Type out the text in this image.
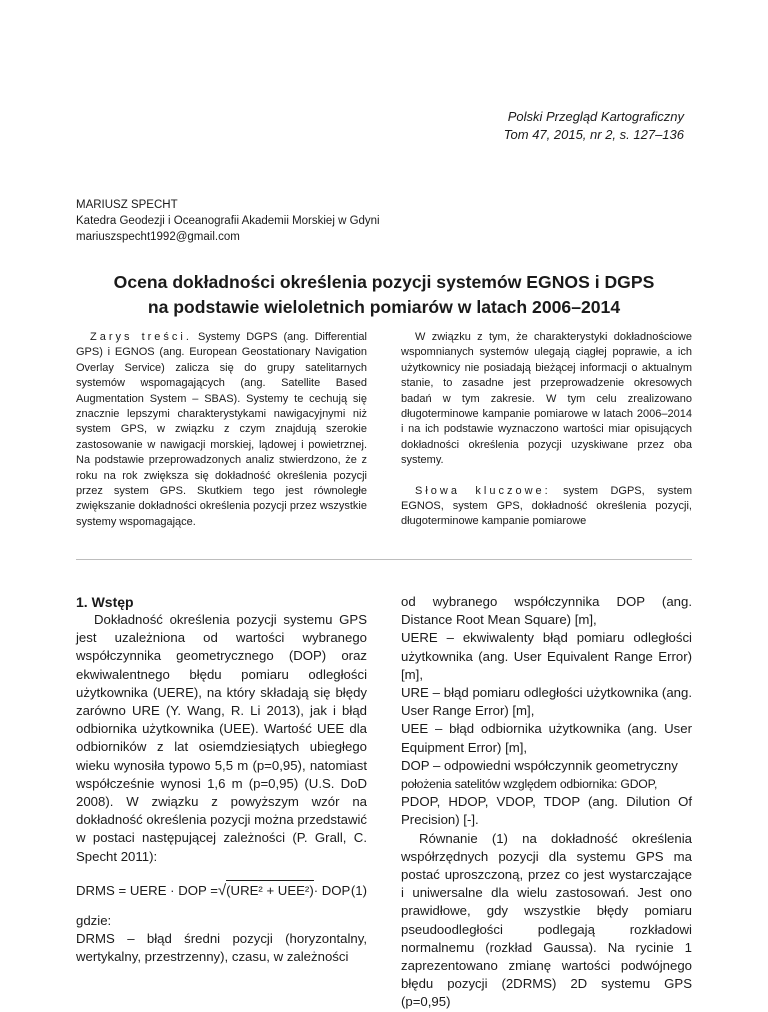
Polski Przegląd Kartograficzny
Tom 47, 2015, nr 2, s. 127–136
MARIUSZ SPECHT
Katedra Geodezji i Oceanografii Akademii Morskiej w Gdyni
mariuszspecht1992@gmail.com
Ocena dokładności określenia pozycji systemów EGNOS i DGPS
na podstawie wieloletnich pomiarów w latach 2006–2014

Zarys treści. Systemy DGPS (ang. Differential GPS) i EGNOS (ang. European Geostationary Navigation Overlay Service) zalicza się do grupy satelitarnych systemów wspomagających (ang. Satellite Based Augmentation System – SBAS). Systemy te cechują się znacznie lepszymi charakterystykami nawigacyjnymi niż system GPS, w związku z czym znajdują szerokie zastosowanie w nawigacji morskiej, lądowej i powietrznej. Na podstawie przeprowadzonych analiz stwierdzono, że z roku na rok zwiększa się dokładność określenia pozycji przez system GPS. Skutkiem tego jest równoległe zwiększanie dokładności określenia pozycji przez wszystkie systemy wspomagające.

W związku z tym, że charakterystyki dokładnościowe wspomnianych systemów ulegają ciągłej poprawie, a ich użytkownicy nie posiadają bieżącej informacji o aktualnym stanie, to zasadne jest przeprowadzenie okresowych badań w tym zakresie. W tym celu zrealizowano długoterminowe kampanie pomiarowe w latach 2006–2014 i na ich podstawie wyznaczono wartości miar opisujących dokładności określenia pozycji uzyskiwane przez oba systemy.

Słowa kluczowe: system DGPS, system EGNOS, system GPS, dokładność określenia pozycji, długoterminowe kampanie pomiarowe

1. Wstęp

Dokładność określenia pozycji systemu GPS jest uzależniona od wartości wybranego współczynnika geometrycznego (DOP) oraz ekwiwalentnego błędu pomiaru odległości użytkownika (UERE), na który składają się błędy zarówno URE (Y. Wang, R. Li 2013), jak i błąd odbiornika użytkownika (UEE). Wartość UEE dla odbiorników z lat osiemdziesiątych ubiegłego wieku wynosiła typowo 5,5 m (p=0,95), natomiast współcześnie wynosi 1,6 m (p=0,95) (U.S. DoD 2008). W związku z powyższym wzór na dokładność określenia pozycji można przedstawić w postaci następującej zależności (P. Grall, C. Specht 2011):

DRMS = UERE · DOP = √ (URE² + UEE²) · DOP (1)

gdzie:

DRMS – błąd średni pozycji (horyzontalny, wertykalny, przestrzenny), czasu, w zależności

od wybranego współczynnika DOP (ang. Distance Root Mean Square) [m],

UERE – ekwiwalenty błąd pomiaru odległości użytkownika (ang. User Equivalent Range Error) [m],

URE – błąd pomiaru odległości użytkownika (ang. User Range Error) [m],

UEE – błąd odbiornika użytkownika (ang. User Equipment Error) [m],

DOP – odpowiedni współczynnik geometryczny

położenia satelitów względem odbiornika: GDOP,

PDOP, HDOP, VDOP, TDOP (ang. Dilution Of Precision) [-].

Równanie (1) na dokładność określenia współrzędnych pozycji dla systemu GPS ma postać uproszczoną, przez co jest wystarczające i uniwersalne dla wielu zastosowań. Jest ono prawidłowe, gdy wszystkie błędy pomiaru pseudoodległości podlegają rozkładowi normalnemu (rozkład Gaussa). Na rycinie 1 zaprezentowano zmianę wartości podwójnego błędu pozycji (2DRMS) 2D systemu GPS (p=0,95)
